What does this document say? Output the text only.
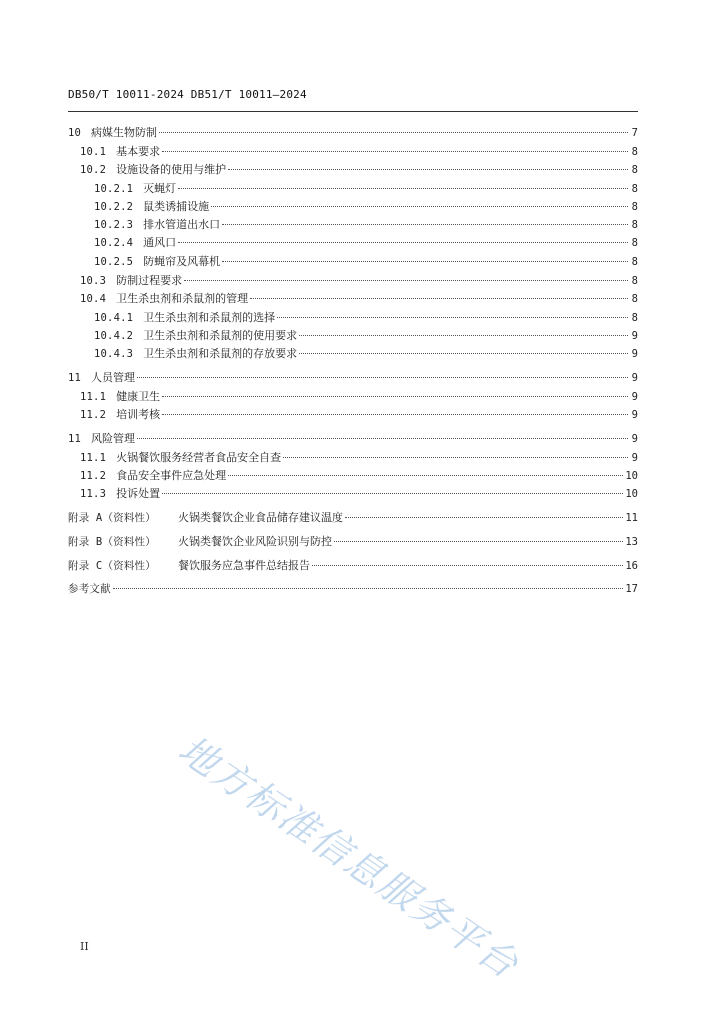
DB50/T 10011-2024 DB51/T 10011—2024
10 病媒生物防制	7
10.1 基本要求	8
10.2 设施设备的使用与维护	8
10.2.1 灭蝇灯	8
10.2.2 鼠类诱捕设施	8
10.2.3 排水管道出水口	8
10.2.4 通风口	8
10.2.5 防蝇帘及风幕机	8
10.3 防制过程要求	8
10.4 卫生杀虫剂和杀鼠剂的管理	8
10.4.1 卫生杀虫剂和杀鼠剂的选择	8
10.4.2 卫生杀虫剂和杀鼠剂的使用要求	9
10.4.3 卫生杀虫剂和杀鼠剂的存放要求	9
11 人员管理	9
11.1 健康卫生	9
11.2 培训考核	9
11 风险管理	9
11.1 火锅餐饮服务经营者食品安全自查	9
11.2 食品安全事件应急处理	10
11.3 投诉处置	10
附录 A（资料性） 火锅类餐饮企业食品储存建议温度	11
附录 B（资料性） 火锅类餐饮企业风险识别与防控	13
附录 C（资料性） 餐饮服务应急事件总结报告	16
参考文献	17
地方标准信息服务平台
II
